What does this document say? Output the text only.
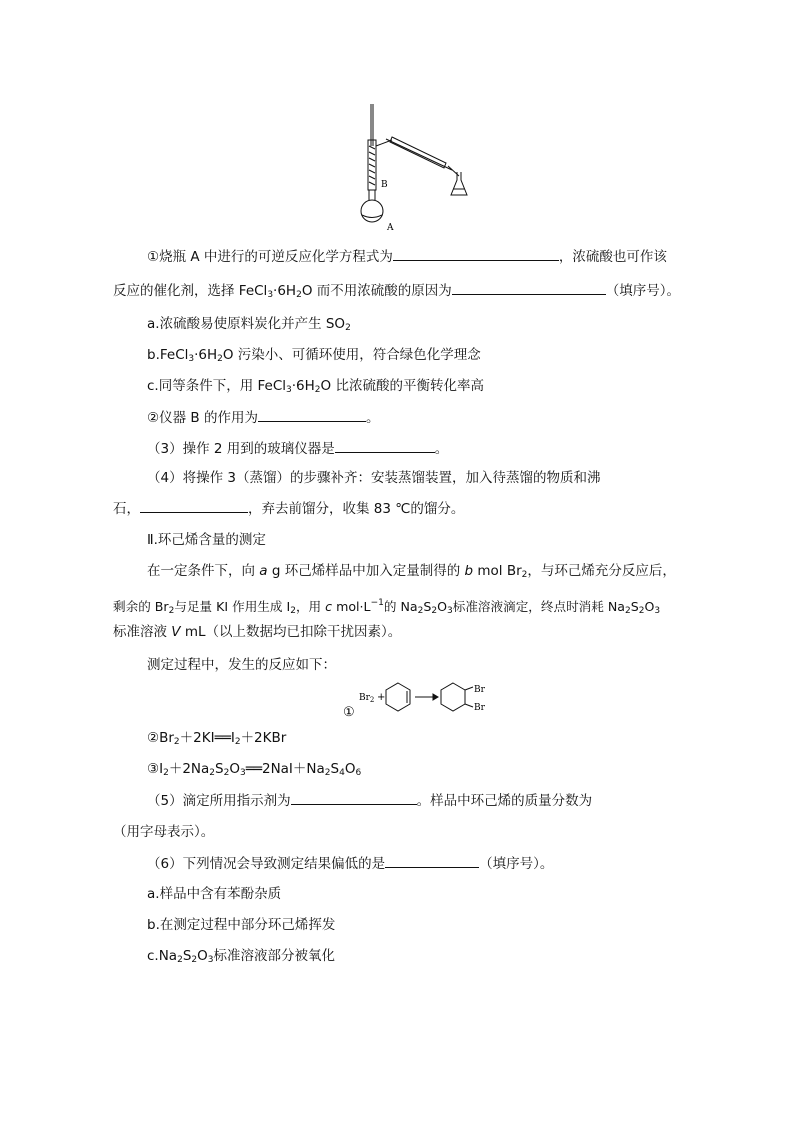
B
A
①烧瓶 A 中进行的可逆反应化学方程式为	，浓硫酸也可作该
反应的催化剂，选择 $FeCl_3\cdot 6H_2O$ 而不用浓硫酸的原因为	（填序号）。
a.浓硫酸易使原料炭化并产生 $SO_2$
$b.FeCl_3\cdot 6H_2O$ 污染小、可循环使用，符合绿色化学理念
c.同等条件下，用 $FeCl_3\cdot 6H_2O$ 比浓硫酸的平衡转化率高
②仪器 B 的作用为	。
（3）操作 2 用到的玻璃仪器是	。
（4）将操作 3（蒸馏）的步骤补齐：安装蒸馏装置，加入待蒸馏的物质和沸
石，	，弃去前馏分，收集 83 ℃的馏分。
Ⅱ.环己烯含量的测定
在一定条件下，向 a g 环己烯样品中加入定量制得的 b mol $Br_2$，与环己烯充分反应后，
剩余的 $Br_2$与足量 KI 作用生成 $I_2$，用 c $mol\cdot L^{-1}$的 $Na_2S_2O_3$标准溶液滴定，终点时消耗 $Na_2S_2O_3$
标准溶液 V mL（以上数据均已扣除干扰因素）。
测定过程中，发生的反应如下：
①
$Br_2$ +
Br
Br
$②Br_2+2KI══I_2+2KBr$
$③I_2+2Na_2S_2O_3══2NaI+Na_2S_4O_6$
（5）滴定所用指示剂为	。样品中环己烯的质量分数为
（用字母表示）。
（6）下列情况会导致测定结果偏低的是	（填序号）。
a.样品中含有苯酚杂质
b.在测定过程中部分环己烯挥发
$c.Na_2S_2O_3$标准溶液部分被氧化
